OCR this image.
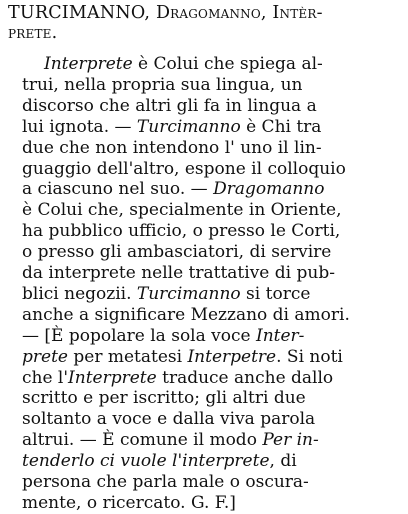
TURCIMANNO, Dragomanno, Intèr-
prete.
Interprete è Colui che spiega al-
trui, nella propria sua lingua, un
discorso che altri gli fa in lingua a
lui ignota. — Turcimanno è Chi tra
due che non intendono l' uno il lin-
guaggio dell'altro, espone il colloquio
a ciascuno nel suo. — Dragomanno
è Colui che, specialmente in Oriente,
ha pubblico ufficio, o presso le Corti,
o presso gli ambasciatori, di servire
da interprete nelle trattative di pub-
blici negozii. Turcimanno si torce
anche a significare Mezzano di amori.
— [È popolare la sola voce Inter-
prete per metatesi Interpetre. Si noti
che l'Interprete traduce anche dallo
scritto e per iscritto; gli altri due
soltanto a voce e dalla viva parola
altrui. — È comune il modo Per in-
tenderlo ci vuole l'interprete, di
persona che parla male o oscura-
mente, o ricercato. G. F.]
